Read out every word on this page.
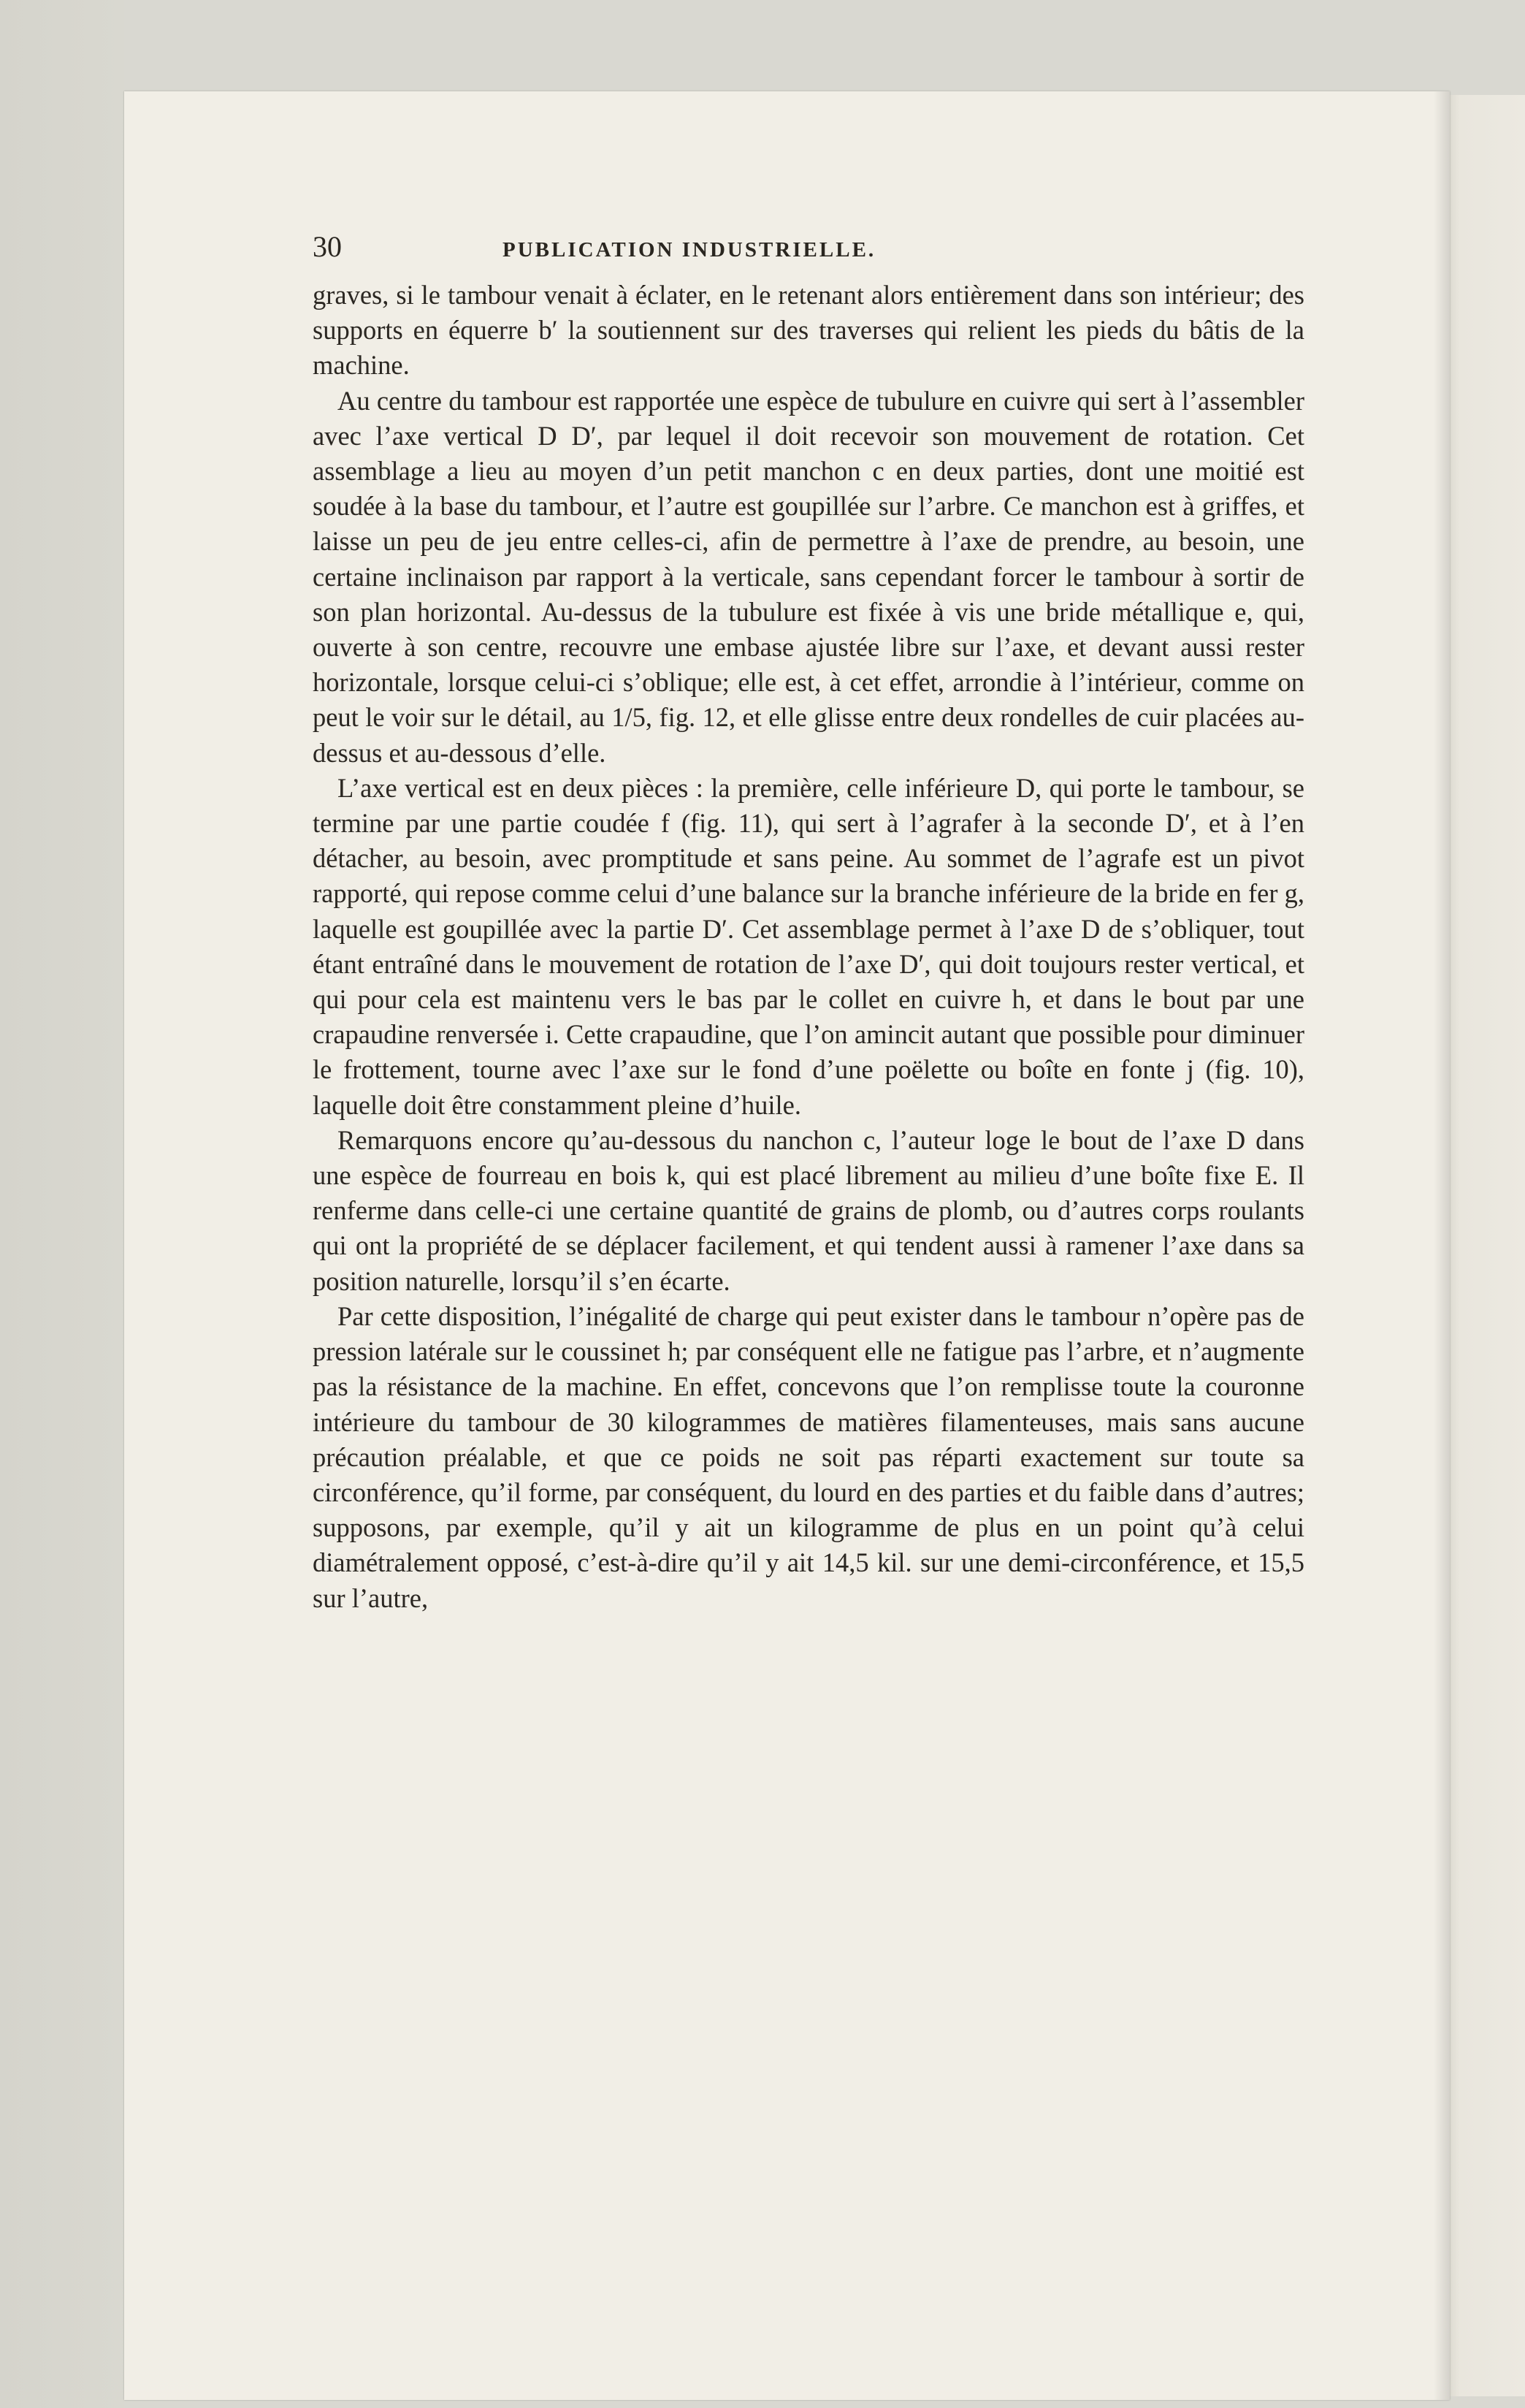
30	PUBLICATION INDUSTRIELLE.

graves, si le tambour venait à éclater, en le retenant alors entièrement dans son intérieur; des supports en équerre b′ la soutiennent sur des traverses qui relient les pieds du bâtis de la machine.

Au centre du tambour est rapportée une espèce de tubulure en cuivre qui sert à l’assembler avec l’axe vertical D D′, par lequel il doit recevoir son mouvement de rotation. Cet assemblage a lieu au moyen d’un petit manchon c en deux parties, dont une moitié est soudée à la base du tambour, et l’autre est goupillée sur l’arbre. Ce manchon est à griffes, et laisse un peu de jeu entre celles-ci, afin de permettre à l’axe de prendre, au besoin, une certaine inclinaison par rapport à la verticale, sans cependant forcer le tambour à sortir de son plan horizontal. Au-dessus de la tubulure est fixée à vis une bride métallique e, qui, ouverte à son centre, recouvre une embase ajustée libre sur l’axe, et devant aussi rester horizontale, lorsque celui-ci s’oblique; elle est, à cet effet, arrondie à l’intérieur, comme on peut le voir sur le détail, au 1/5, fig. 12, et elle glisse entre deux rondelles de cuir placées au-dessus et au-dessous d’elle.

L’axe vertical est en deux pièces : la première, celle inférieure D, qui porte le tambour, se termine par une partie coudée f (fig. 11), qui sert à l’agrafer à la seconde D′, et à l’en détacher, au besoin, avec promptitude et sans peine. Au sommet de l’agrafe est un pivot rapporté, qui repose comme celui d’une balance sur la branche inférieure de la bride en fer g, laquelle est goupillée avec la partie D′. Cet assemblage permet à l’axe D de s’obliquer, tout étant entraîné dans le mouvement de rotation de l’axe D′, qui doit toujours rester vertical, et qui pour cela est maintenu vers le bas par le collet en cuivre h, et dans le bout par une crapaudine renversée i. Cette crapaudine, que l’on amincit autant que possible pour diminuer le frottement, tourne avec l’axe sur le fond d’une poëlette ou boîte en fonte j (fig. 10), laquelle doit être constamment pleine d’huile.

Remarquons encore qu’au-dessous du nanchon c, l’auteur loge le bout de l’axe D dans une espèce de fourreau en bois k, qui est placé librement au milieu d’une boîte fixe E. Il renferme dans celle-ci une certaine quantité de grains de plomb, ou d’autres corps roulants qui ont la propriété de se déplacer facilement, et qui tendent aussi à ramener l’axe dans sa position naturelle, lorsqu’il s’en écarte.

Par cette disposition, l’inégalité de charge qui peut exister dans le tambour n’opère pas de pression latérale sur le coussinet h; par conséquent elle ne fatigue pas l’arbre, et n’augmente pas la résistance de la machine. En effet, concevons que l’on remplisse toute la couronne intérieure du tambour de 30 kilogrammes de matières filamenteuses, mais sans aucune précaution préalable, et que ce poids ne soit pas réparti exactement sur toute sa circonférence, qu’il forme, par conséquent, du lourd en des parties et du faible dans d’autres; supposons, par exemple, qu’il y ait un kilogramme de plus en un point qu’à celui diamétralement opposé, c’est-à-dire qu’il y ait 14,5 kil. sur une demi-circonférence, et 15,5 sur l’autre,
